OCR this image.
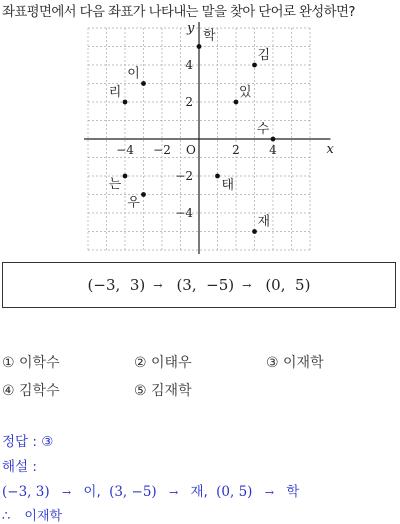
좌표평면에서 다음 좌표가 나타내는 말을 찾아 단어로 완성하면?
x
y
O
−4 −2	2 4
4
2
−2
−4
이
리
학
김
있
수
는
우
태
재
(−3,  3) → (3,  −5) → (0,  5)
① 이학수	② 이태우	③ 이재학
④ 김학수	⑤ 김재학
정답 : ③
해설 :
(−3, 3) → 이, (3, −5) → 재, (0, 5) → 학
∴ 이재학
